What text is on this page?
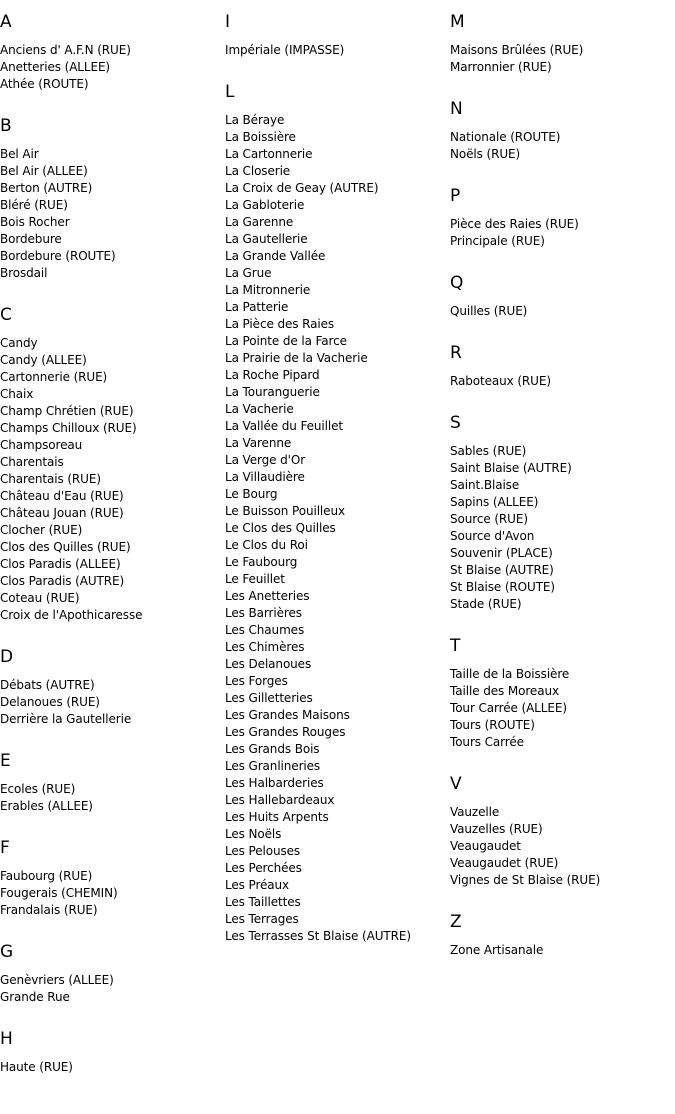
A
Anciens d' A.F.N (RUE)
Anetteries (ALLEE)
Athée (ROUTE)
B
Bel Air
Bel Air (ALLEE)
Berton (AUTRE)
Bléré (RUE)
Bois Rocher
Bordebure
Bordebure (ROUTE)
Brosdail
C
Candy
Candy (ALLEE)
Cartonnerie (RUE)
Chaix
Champ Chrétien (RUE)
Champs Chilloux (RUE)
Champsoreau
Charentais
Charentais (RUE)
Château d'Eau (RUE)
Château Jouan (RUE)
Clocher (RUE)
Clos des Quilles (RUE)
Clos Paradis (ALLEE)
Clos Paradis (AUTRE)
Coteau (RUE)
Croix de l'Apothicaresse
D
Débats (AUTRE)
Delanoues (RUE)
Derrière la Gautellerie
E
Ecoles (RUE)
Erables (ALLEE)
F
Faubourg (RUE)
Fougerais (CHEMIN)
Frandalais (RUE)
G
Genèvriers (ALLEE)
Grande Rue
H
Haute (RUE)
I
Impériale (IMPASSE)
L
La Béraye
La Boissière
La Cartonnerie
La Closerie
La Croix de Geay (AUTRE)
La Gabloterie
La Garenne
La Gautellerie
La Grande Vallée
La Grue
La Mitronnerie
La Patterie
La Pièce des Raies
La Pointe de la Farce
La Prairie de la Vacherie
La Roche Pipard
La Touranguerie
La Vacherie
La Vallée du Feuillet
La Varenne
La Verge d'Or
La Villaudière
Le Bourg
Le Buisson Pouilleux
Le Clos des Quilles
Le Clos du Roi
Le Faubourg
Le Feuillet
Les Anetteries
Les Barrières
Les Chaumes
Les Chimères
Les Delanoues
Les Forges
Les Gilletteries
Les Grandes Maisons
Les Grandes Rouges
Les Grands Bois
Les Granlineries
Les Halbarderies
Les Hallebardeaux
Les Huits Arpents
Les Noëls
Les Pelouses
Les Perchées
Les Préaux
Les Taillettes
Les Terrages
Les Terrasses St Blaise (AUTRE)
M
Maisons Brûlées (RUE)
Marronnier (RUE)
N
Nationale (ROUTE)
Noëls (RUE)
P
Pièce des Raies (RUE)
Principale (RUE)
Q
Quilles (RUE)
R
Raboteaux (RUE)
S
Sables (RUE)
Saint Blaise (AUTRE)
Saint.Blaise
Sapins (ALLEE)
Source (RUE)
Source d'Avon
Souvenir (PLACE)
St Blaise (AUTRE)
St Blaise (ROUTE)
Stade (RUE)
T
Taille de la Boissière
Taille des Moreaux
Tour Carrée (ALLEE)
Tours (ROUTE)
Tours Carrée
V
Vauzelle
Vauzelles (RUE)
Veaugaudet
Veaugaudet (RUE)
Vignes de St Blaise (RUE)
Z
Zone Artisanale
